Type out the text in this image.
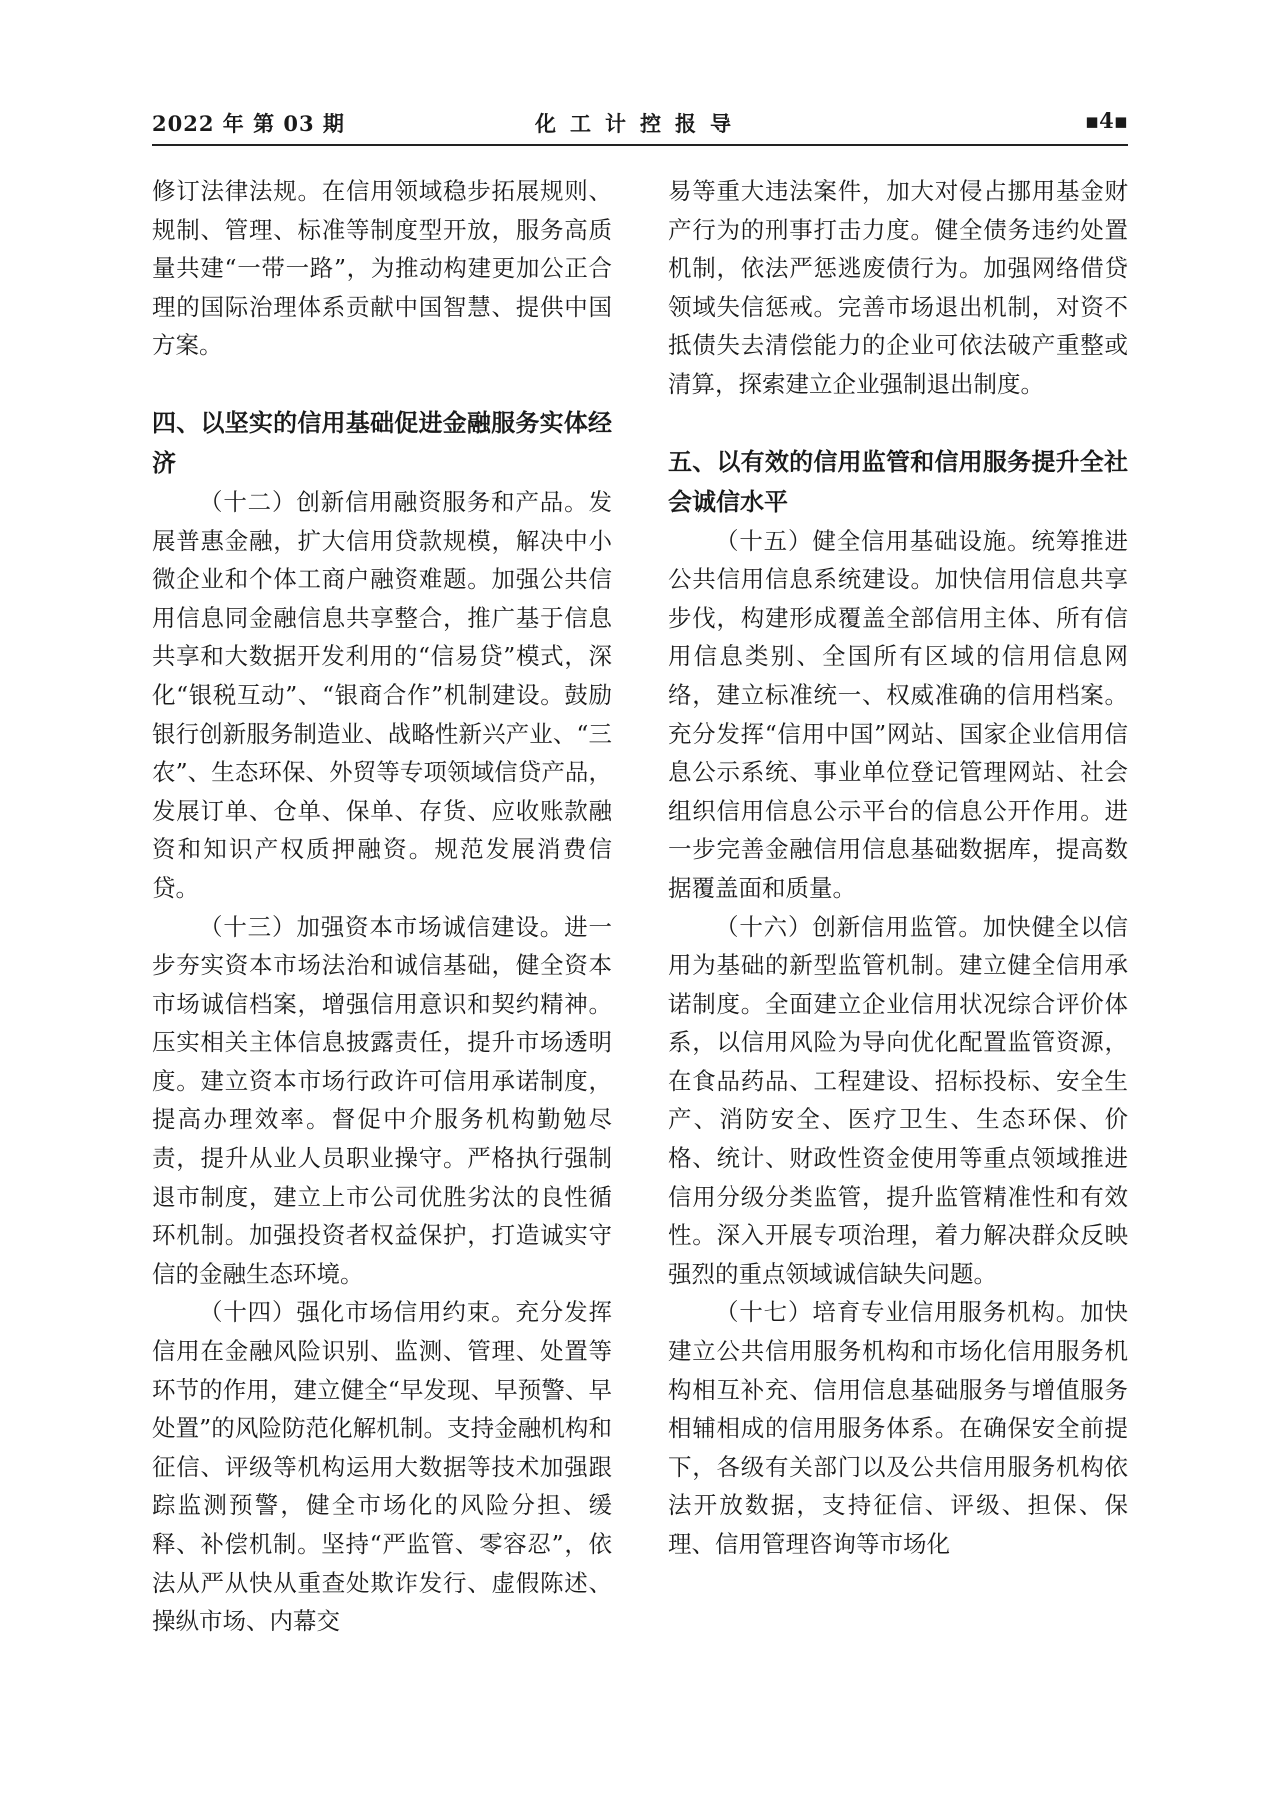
2022 年 第 03 期	化工计控报导	▪4▪

修订法律法规。在信用领域稳步拓展规则、规制、管理、标准等制度型开放，服务高质量共建“一带一路”，为推动构建更加公正合理的国际治理体系贡献中国智慧、提供中国方案。

四、以坚实的信用基础促进金融服务实体经济

（十二）创新信用融资服务和产品。发展普惠金融，扩大信用贷款规模，解决中小微企业和个体工商户融资难题。加强公共信用信息同金融信息共享整合，推广基于信息共享和大数据开发利用的“信易贷”模式，深化“银税互动”、“银商合作”机制建设。鼓励银行创新服务制造业、战略性新兴产业、“三农”、生态环保、外贸等专项领域信贷产品，发展订单、仓单、保单、存货、应收账款融资和知识产权质押融资。规范发展消费信贷。

（十三）加强资本市场诚信建设。进一步夯实资本市场法治和诚信基础，健全资本市场诚信档案，增强信用意识和契约精神。压实相关主体信息披露责任，提升市场透明度。建立资本市场行政许可信用承诺制度，提高办理效率。督促中介服务机构勤勉尽责，提升从业人员职业操守。严格执行强制退市制度，建立上市公司优胜劣汰的良性循环机制。加强投资者权益保护，打造诚实守信的金融生态环境。

（十四）强化市场信用约束。充分发挥信用在金融风险识别、监测、管理、处置等环节的作用，建立健全“早发现、早预警、早处置”的风险防范化解机制。支持金融机构和征信、评级等机构运用大数据等技术加强跟踪监测预警，健全市场化的风险分担、缓释、补偿机制。坚持“严监管、零容忍”，依法从严从快从重查处欺诈发行、虚假陈述、操纵市场、内幕交

易等重大违法案件，加大对侵占挪用基金财产行为的刑事打击力度。健全债务违约处置机制，依法严惩逃废债行为。加强网络借贷领域失信惩戒。完善市场退出机制，对资不抵债失去清偿能力的企业可依法破产重整或清算，探索建立企业强制退出制度。

五、以有效的信用监管和信用服务提升全社会诚信水平

（十五）健全信用基础设施。统筹推进公共信用信息系统建设。加快信用信息共享步伐，构建形成覆盖全部信用主体、所有信用信息类别、全国所有区域的信用信息网络，建立标准统一、权威准确的信用档案。充分发挥“信用中国”网站、国家企业信用信息公示系统、事业单位登记管理网站、社会组织信用信息公示平台的信息公开作用。进一步完善金融信用信息基础数据库，提高数据覆盖面和质量。

（十六）创新信用监管。加快健全以信用为基础的新型监管机制。建立健全信用承诺制度。全面建立企业信用状况综合评价体系，以信用风险为导向优化配置监管资源，在食品药品、工程建设、招标投标、安全生产、消防安全、医疗卫生、生态环保、价格、统计、财政性资金使用等重点领域推进信用分级分类监管，提升监管精准性和有效性。深入开展专项治理，着力解决群众反映强烈的重点领域诚信缺失问题。

（十七）培育专业信用服务机构。加快建立公共信用服务机构和市场化信用服务机构相互补充、信用信息基础服务与增值服务相辅相成的信用服务体系。在确保安全前提下，各级有关部门以及公共信用服务机构依法开放数据，支持征信、评级、担保、保理、信用管理咨询等市场化
